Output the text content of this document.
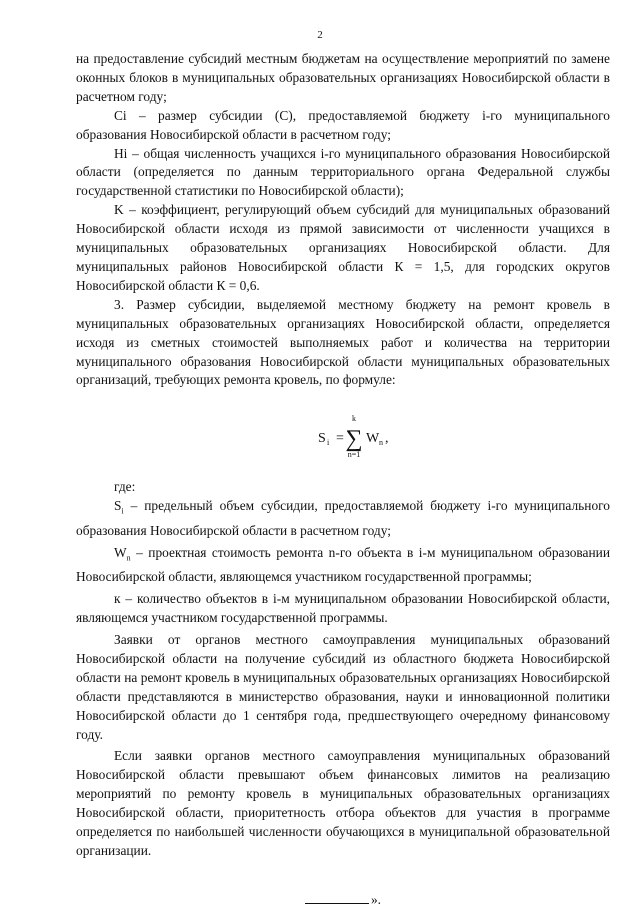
2

на предоставление субсидий местным бюджетам на осуществление мероприятий по замене оконных блоков в муниципальных образовательных организациях Новосибирской области в расчетном году;

Ci – размер субсидии (С), предоставляемой бюджету i-го муниципального образования Новосибирской области в расчетном году;

Hi – общая численность учащихся i-го муниципального образования Новосибирской области (определяется по данным территориального органа Федеральной службы государственной статистики по Новосибирской области);

K – коэффициент, регулирующий объем субсидий для муниципальных образований Новосибирской области исходя из прямой зависимости от численности учащихся в муниципальных образовательных организациях Новосибирской области. Для муниципальных районов Новосибирской области К = 1,5, для городских округов Новосибирской области К = 0,6.

3. Размер субсидии, выделяемой местному бюджету на ремонт кровель в муниципальных образовательных организациях Новосибирской области, определяется исходя из сметных стоимостей выполняемых работ и количества на территории муниципального образования Новосибирской области муниципальных образовательных организаций, требующих ремонта кровель, по формуле:

S i =
k
∑
n=1
W n ,

где:

$S_i$ – предельный объем субсидии, предоставляемой бюджету i-го муниципального образования Новосибирской области в расчетном году;

$W_n$ – проектная стоимость ремонта n-го объекта в i-м муниципальном образовании Новосибирской области, являющемся участником государственной программы;

к – количество объектов в i-м муниципальном образовании Новосибирской области, являющемся участником государственной программы.

Заявки от органов местного самоуправления муниципальных образований Новосибирской области на получение субсидий из областного бюджета Новосибирской области на ремонт кровель в муниципальных образовательных организациях Новосибирской области представляются в министерство образования, науки и инновационной политики Новосибирской области до 1 сентября года, предшествующего очередному финансовому году.

Если заявки органов местного самоуправления муниципальных образований Новосибирской области превышают объем финансовых лимитов на реализацию мероприятий по ремонту кровель в муниципальных образовательных организациях Новосибирской области, приоритетность отбора объектов для участия в программе определяется по наибольшей численности обучающихся в муниципальной образовательной организации.

».
